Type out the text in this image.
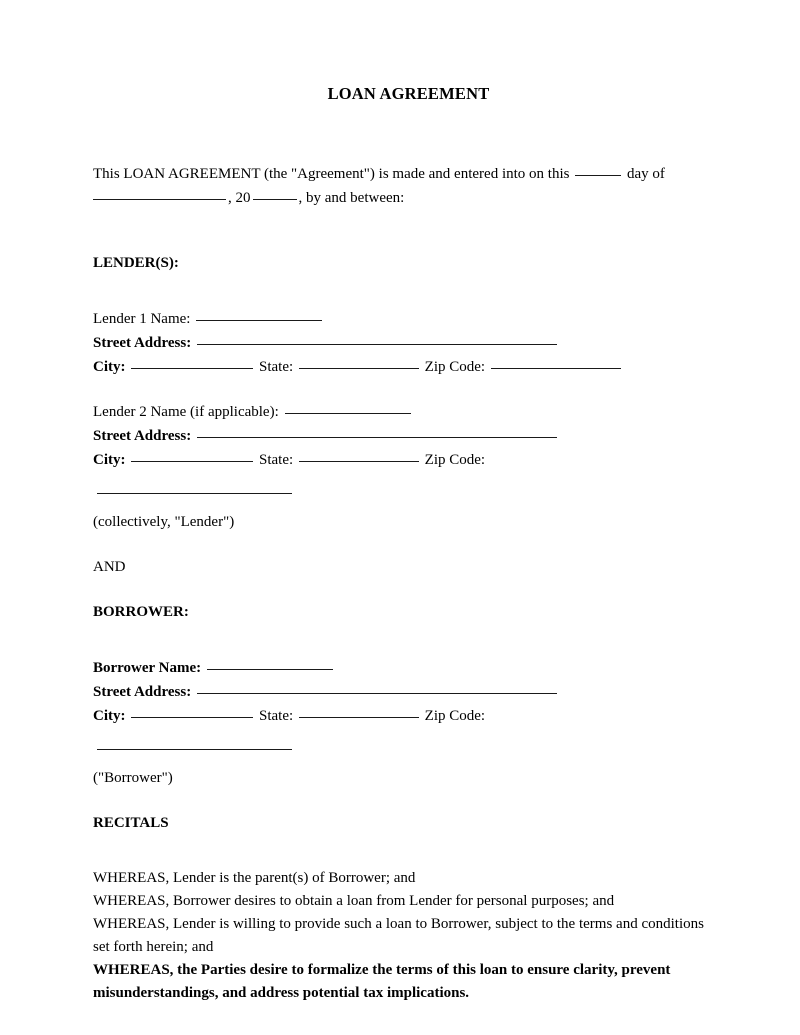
LOAN AGREEMENT
This LOAN AGREEMENT (the "Agreement") is made and entered into on this	day of
, 20	, by and between:
LENDER(S):
Lender 1 Name:
Street Address:
City:	State:	Zip Code:
Lender 2 Name (if applicable):
Street Address:
City:	State:	Zip Code:
(collectively, "Lender")
AND
BORROWER:
Borrower Name:
Street Address:
City:	State:	Zip Code:
("Borrower")
RECITALS
WHEREAS, Lender is the parent(s) of Borrower; and
WHEREAS, Borrower desires to obtain a loan from Lender for personal purposes; and
WHEREAS, Lender is willing to provide such a loan to Borrower, subject to the terms and conditions set forth herein; and
WHEREAS, the Parties desire to formalize the terms of this loan to ensure clarity, prevent misunderstandings, and address potential tax implications.
